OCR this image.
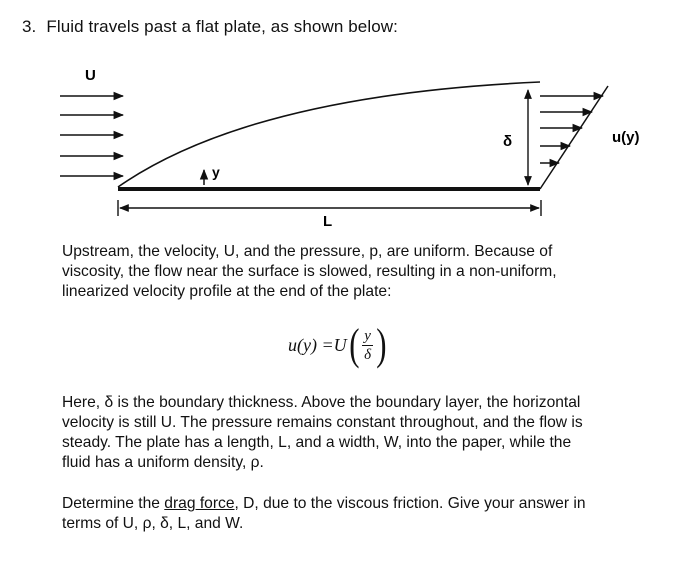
3. Fluid travels past a flat plate, as shown below:
U
y
δ	u(y)
L
Upstream, the velocity, U, and the pressure, p, are uniform. Because of
viscosity, the flow near the surface is slowed, resulting in a non-uniform,
linearized velocity profile at the end of the plate:
u(y) = U ( $\frac{y}{\delta}$ )
Here, δ is the boundary thickness. Above the boundary layer, the horizontal
velocity is still U. The pressure remains constant throughout, and the flow is
steady. The plate has a length, L, and a width, W, into the paper, while the
fluid has a uniform density, ρ.
Determine the drag force, D, due to the viscous friction. Give your answer in
terms of U, ρ, δ, L, and W.
